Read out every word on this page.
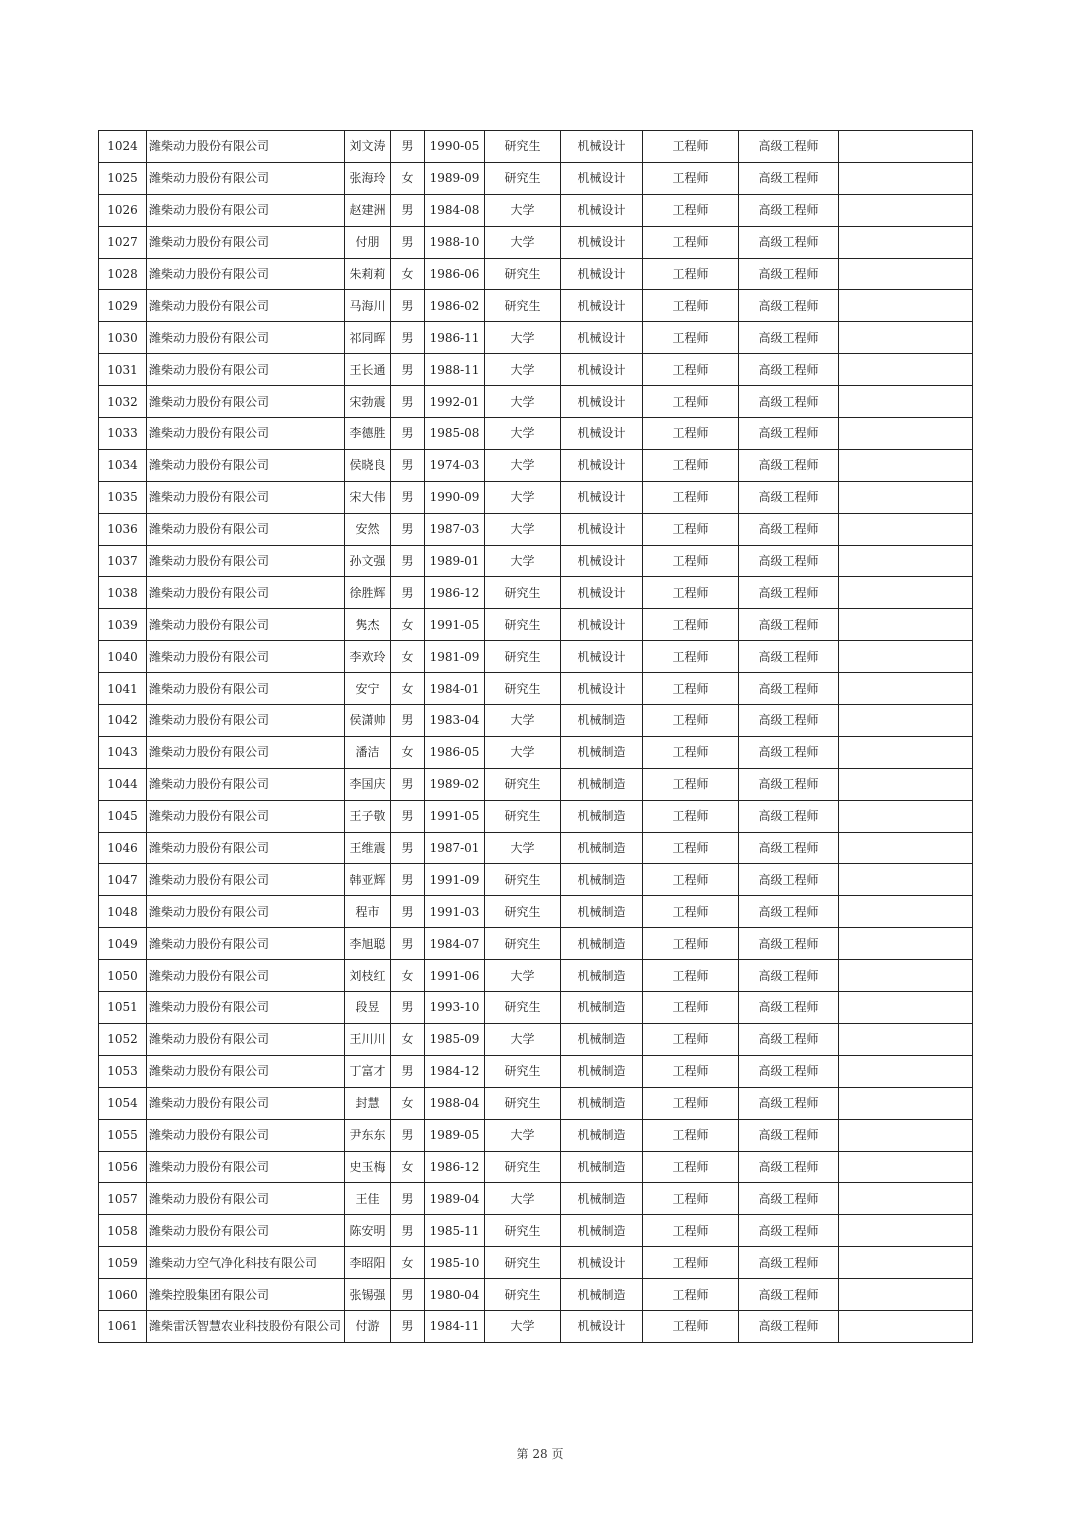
1024	潍柴动力股份有限公司	刘文涛	男	1990-05	研究生	机械设计	工程师	高级工程师	
1025	潍柴动力股份有限公司	张海玲	女	1989-09	研究生	机械设计	工程师	高级工程师	
1026	潍柴动力股份有限公司	赵建洲	男	1984-08	大学	机械设计	工程师	高级工程师	
1027	潍柴动力股份有限公司	付朋	男	1988-10	大学	机械设计	工程师	高级工程师	
1028	潍柴动力股份有限公司	朱莉莉	女	1986-06	研究生	机械设计	工程师	高级工程师	
1029	潍柴动力股份有限公司	马海川	男	1986-02	研究生	机械设计	工程师	高级工程师	
1030	潍柴动力股份有限公司	祁同晖	男	1986-11	大学	机械设计	工程师	高级工程师	
1031	潍柴动力股份有限公司	王长通	男	1988-11	大学	机械设计	工程师	高级工程师	
1032	潍柴动力股份有限公司	宋勃震	男	1992-01	大学	机械设计	工程师	高级工程师	
1033	潍柴动力股份有限公司	李德胜	男	1985-08	大学	机械设计	工程师	高级工程师	
1034	潍柴动力股份有限公司	侯晓良	男	1974-03	大学	机械设计	工程师	高级工程师	
1035	潍柴动力股份有限公司	宋大伟	男	1990-09	大学	机械设计	工程师	高级工程师	
1036	潍柴动力股份有限公司	安然	男	1987-03	大学	机械设计	工程师	高级工程师	
1037	潍柴动力股份有限公司	孙文强	男	1989-01	大学	机械设计	工程师	高级工程师	
1038	潍柴动力股份有限公司	徐胜辉	男	1986-12	研究生	机械设计	工程师	高级工程师	
1039	潍柴动力股份有限公司	隽杰	女	1991-05	研究生	机械设计	工程师	高级工程师	
1040	潍柴动力股份有限公司	李欢玲	女	1981-09	研究生	机械设计	工程师	高级工程师	
1041	潍柴动力股份有限公司	安宁	女	1984-01	研究生	机械设计	工程师	高级工程师	
1042	潍柴动力股份有限公司	侯潇帅	男	1983-04	大学	机械制造	工程师	高级工程师	
1043	潍柴动力股份有限公司	潘洁	女	1986-05	大学	机械制造	工程师	高级工程师	
1044	潍柴动力股份有限公司	李国庆	男	1989-02	研究生	机械制造	工程师	高级工程师	
1045	潍柴动力股份有限公司	王子敬	男	1991-05	研究生	机械制造	工程师	高级工程师	
1046	潍柴动力股份有限公司	王维震	男	1987-01	大学	机械制造	工程师	高级工程师	
1047	潍柴动力股份有限公司	韩亚辉	男	1991-09	研究生	机械制造	工程师	高级工程师	
1048	潍柴动力股份有限公司	程市	男	1991-03	研究生	机械制造	工程师	高级工程师	
1049	潍柴动力股份有限公司	李旭聪	男	1984-07	研究生	机械制造	工程师	高级工程师	
1050	潍柴动力股份有限公司	刘枝红	女	1991-06	大学	机械制造	工程师	高级工程师	
1051	潍柴动力股份有限公司	段昱	男	1993-10	研究生	机械制造	工程师	高级工程师	
1052	潍柴动力股份有限公司	王川川	女	1985-09	大学	机械制造	工程师	高级工程师	
1053	潍柴动力股份有限公司	丁富才	男	1984-12	研究生	机械制造	工程师	高级工程师	
1054	潍柴动力股份有限公司	封慧	女	1988-04	研究生	机械制造	工程师	高级工程师	
1055	潍柴动力股份有限公司	尹东东	男	1989-05	大学	机械制造	工程师	高级工程师	
1056	潍柴动力股份有限公司	史玉梅	女	1986-12	研究生	机械制造	工程师	高级工程师	
1057	潍柴动力股份有限公司	王佳	男	1989-04	大学	机械制造	工程师	高级工程师	
1058	潍柴动力股份有限公司	陈安明	男	1985-11	研究生	机械制造	工程师	高级工程师	
1059	潍柴动力空气净化科技有限公司	李昭阳	女	1985-10	研究生	机械设计	工程师	高级工程师	
1060	潍柴控股集团有限公司	张锡强	男	1980-04	研究生	机械制造	工程师	高级工程师	
1061	潍柴雷沃智慧农业科技股份有限公司	付游	男	1984-11	大学	机械设计	工程师	高级工程师	
第 28 页
